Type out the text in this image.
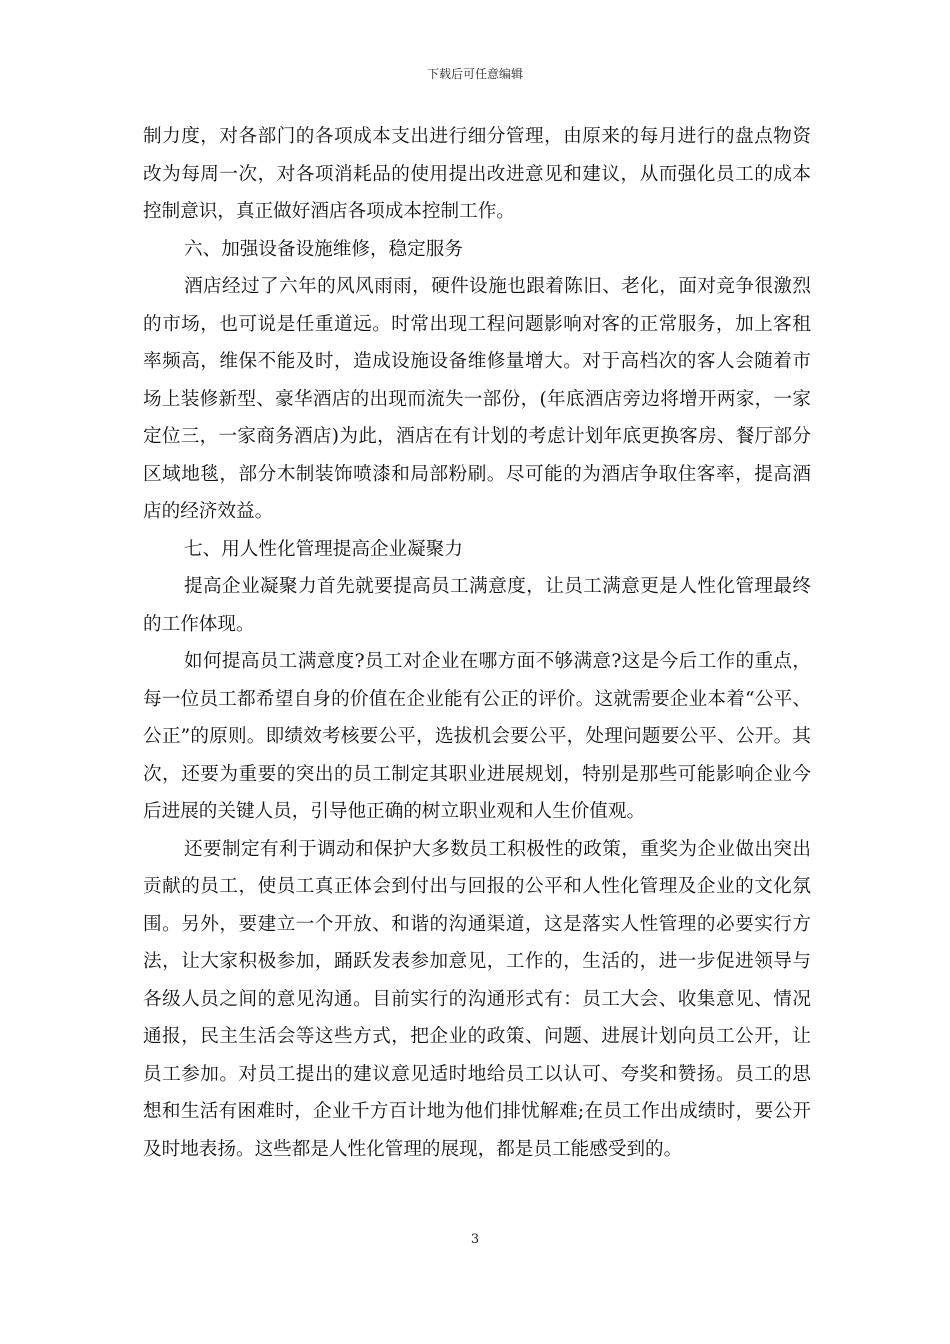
下载后可任意编辑

制力度，对各部门的各项成本支出进行细分管理，由原来的每月进行的盘点物资改为每周一次，对各项消耗品的使用提出改进意见和建议，从而强化员工的成本控制意识，真正做好酒店各项成本控制工作。

六、加强设备设施维修，稳定服务

酒店经过了六年的风风雨雨，硬件设施也跟着陈旧、老化，面对竞争很激烈的市场，也可说是任重道远。时常出现工程问题影响对客的正常服务，加上客租率频高，维保不能及时，造成设施设备维修量增大。对于高档次的客人会随着市场上装修新型、豪华酒店的出现而流失一部份，(年底酒店旁边将增开两家，一家定位三，一家商务酒店)为此，酒店在有计划的考虑计划年底更换客房、餐厅部分区域地毯，部分木制装饰喷漆和局部粉刷。尽可能的为酒店争取住客率，提高酒店的经济效益。

七、用人性化管理提高企业凝聚力

提高企业凝聚力首先就要提高员工满意度，让员工满意更是人性化管理最终的工作体现。

如何提高员工满意度?员工对企业在哪方面不够满意?这是今后工作的重点，每一位员工都希望自身的价值在企业能有公正的评价。这就需要企业本着“公平、公正”的原则。即绩效考核要公平，选拔机会要公平，处理问题要公平、公开。其次，还要为重要的突出的员工制定其职业进展规划，特别是那些可能影响企业今后进展的关键人员，引导他正确的树立职业观和人生价值观。

还要制定有利于调动和保护大多数员工积极性的政策，重奖为企业做出突出贡献的员工，使员工真正体会到付出与回报的公平和人性化管理及企业的文化氛围。另外，要建立一个开放、和谐的沟通渠道，这是落实人性管理的必要实行方法，让大家积极参加，踊跃发表参加意见，工作的，生活的，进一步促进领导与各级人员之间的意见沟通。目前实行的沟通形式有：员工大会、收集意见、情况通报，民主生活会等这些方式，把企业的政策、问题、进展计划向员工公开，让员工参加。对员工提出的建议意见适时地给员工以认可、夸奖和赞扬。员工的思想和生活有困难时，企业千方百计地为他们排忧解难;在员工作出成绩时，要公开及时地表扬。这些都是人性化管理的展现，都是员工能感受到的。

3
